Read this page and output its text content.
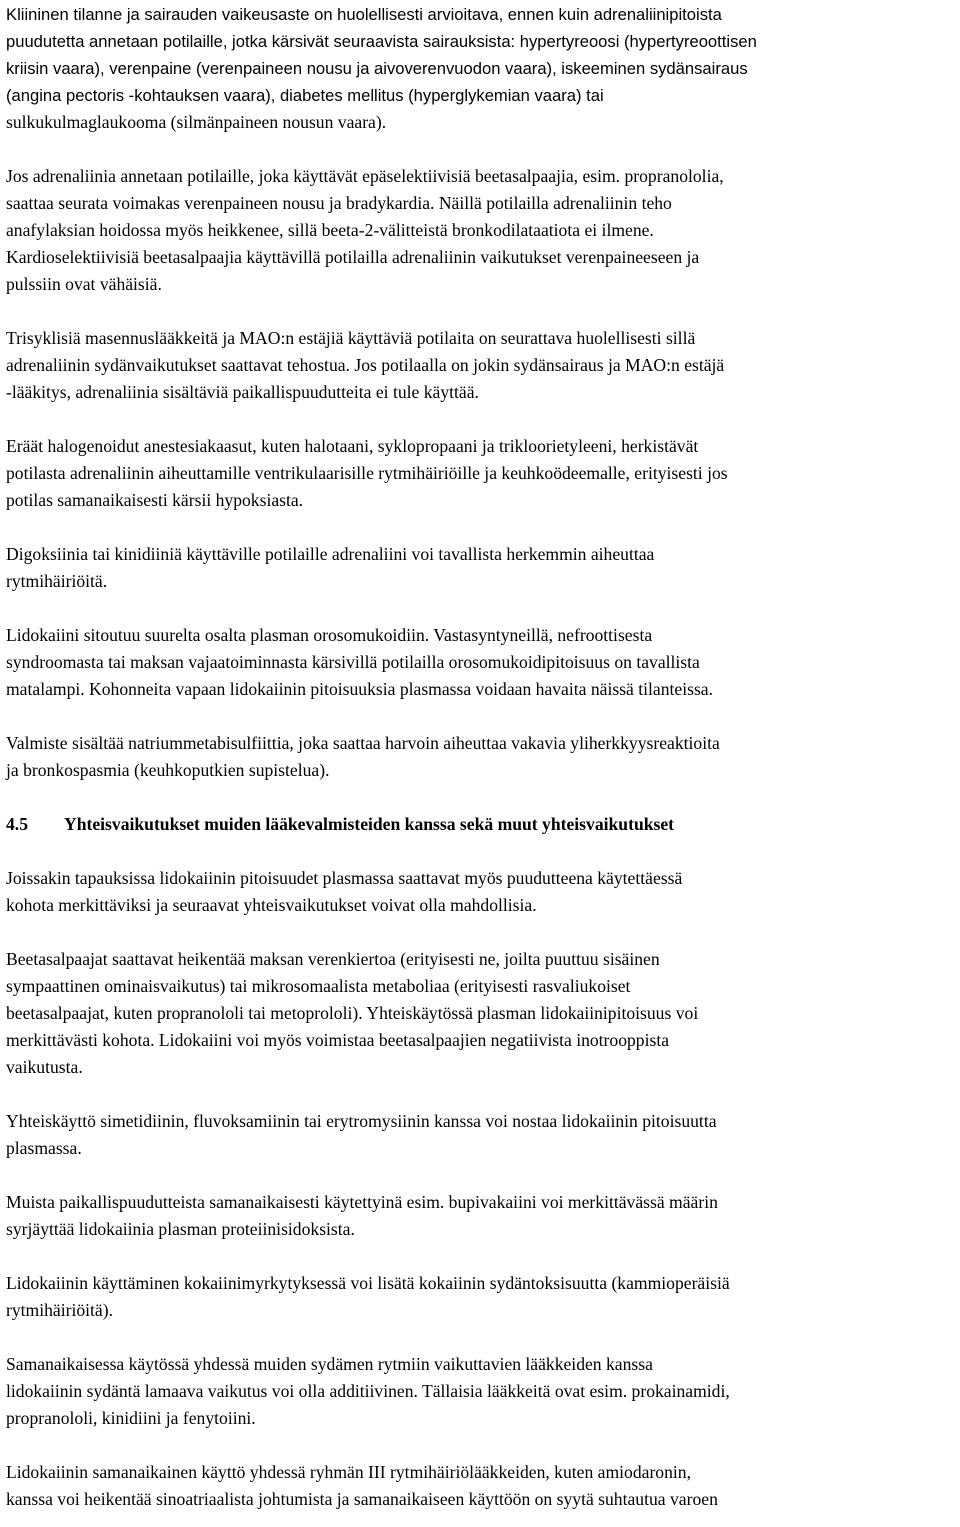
Kliininen tilanne ja sairauden vaikeusaste on huolellisesti arvioitava, ennen kuin adrenaliinipitoista
puudutetta annetaan potilaille, jotka kärsivät seuraavista sairauksista: hypertyreoosi (hypertyreoottisen
kriisin vaara), verenpaine (verenpaineen nousu ja aivoverenvuodon vaara), iskeeminen sydänsairaus
(angina pectoris -kohtauksen vaara), diabetes mellitus (hyperglykemian vaara) tai
sulkukulmaglaukooma (silmänpaineen nousun vaara).

Jos adrenaliinia annetaan potilaille, joka käyttävät epäselektiivisiä beetasalpaajia, esim. propranololia,
saattaa seurata voimakas verenpaineen nousu ja bradykardia. Näillä potilailla adrenaliinin teho
anafylaksian hoidossa myös heikkenee, sillä beeta-2-välitteistä bronkodilataatiota ei ilmene.
Kardioselektiivisiä beetasalpaajia käyttävillä potilailla adrenaliinin vaikutukset verenpaineeseen ja
pulssiin ovat vähäisiä.

Trisyklisiä masennuslääkkeitä ja MAO:n estäjiä käyttäviä potilaita on seurattava huolellisesti sillä
adrenaliinin sydänvaikutukset saattavat tehostua. Jos potilaalla on jokin sydänsairaus ja MAO:n estäjä
-lääkitys, adrenaliinia sisältäviä paikallispuudutteita ei tule käyttää.

Eräät halogenoidut anestesiakaasut, kuten halotaani, syklopropaani ja trikloorietyleeni, herkistävät
potilasta adrenaliinin aiheuttamille ventrikulaarisille rytmihäiriöille ja keuhkoödeemalle, erityisesti jos
potilas samanaikaisesti kärsii hypoksiasta.

Digoksiinia tai kinidiiniä käyttäville potilaille adrenaliini voi tavallista herkemmin aiheuttaa
rytmihäiriöitä.

Lidokaiini sitoutuu suurelta osalta plasman orosomukoidiin. Vastasyntyneillä, nefroottisesta
syndroomasta tai maksan vajaatoiminnasta kärsivillä potilailla orosomukoidipitoisuus on tavallista
matalampi. Kohonneita vapaan lidokaiinin pitoisuuksia plasmassa voidaan havaita näissä tilanteissa.

Valmiste sisältää natriummetabisulfiittia, joka saattaa harvoin aiheuttaa vakavia yliherkkyysreaktioita
ja bronkospasmia (keuhkoputkien supistelua).

4.5 Yhteisvaikutukset muiden lääkevalmisteiden kanssa sekä muut yhteisvaikutukset

Joissakin tapauksissa lidokaiinin pitoisuudet plasmassa saattavat myös puudutteena käytettäessä
kohota merkittäviksi ja seuraavat yhteisvaikutukset voivat olla mahdollisia.

Beetasalpaajat saattavat heikentää maksan verenkiertoa (erityisesti ne, joilta puuttuu sisäinen
sympaattinen ominaisvaikutus) tai mikrosomaalista metaboliaa (erityisesti rasvaliukoiset
beetasalpaajat, kuten propranololi tai metoprololi). Yhteiskäytössä plasman lidokaiinipitoisuus voi
merkittävästi kohota. Lidokaiini voi myös voimistaa beetasalpaajien negatiivista inotrooppista
vaikutusta.

Yhteiskäyttö simetidiinin, fluvoksamiinin tai erytromysiinin kanssa voi nostaa lidokaiinin pitoisuutta
plasmassa.

Muista paikallispuudutteista samanaikaisesti käytettyinä esim. bupivakaiini voi merkittävässä määrin
syrjäyttää lidokaiinia plasman proteiinisidoksista.

Lidokaiinin käyttäminen kokaiinimyrkytyksessä voi lisätä kokaiinin sydäntoksisuutta (kammioperäisiä
rytmihäiriöitä).

Samanaikaisessa käytössä yhdessä muiden sydämen rytmiin vaikuttavien lääkkeiden kanssa
lidokaiinin sydäntä lamaava vaikutus voi olla additiivinen. Tällaisia lääkkeitä ovat esim. prokainamidi,
propranololi, kinidiini ja fenytoiini.

Lidokaiinin samanaikainen käyttö yhdessä ryhmän III rytmihäiriölääkkeiden, kuten amiodaronin,
kanssa voi heikentää sinoatriaalista johtumista ja samanaikaiseen käyttöön on syytä suhtautua varoen
